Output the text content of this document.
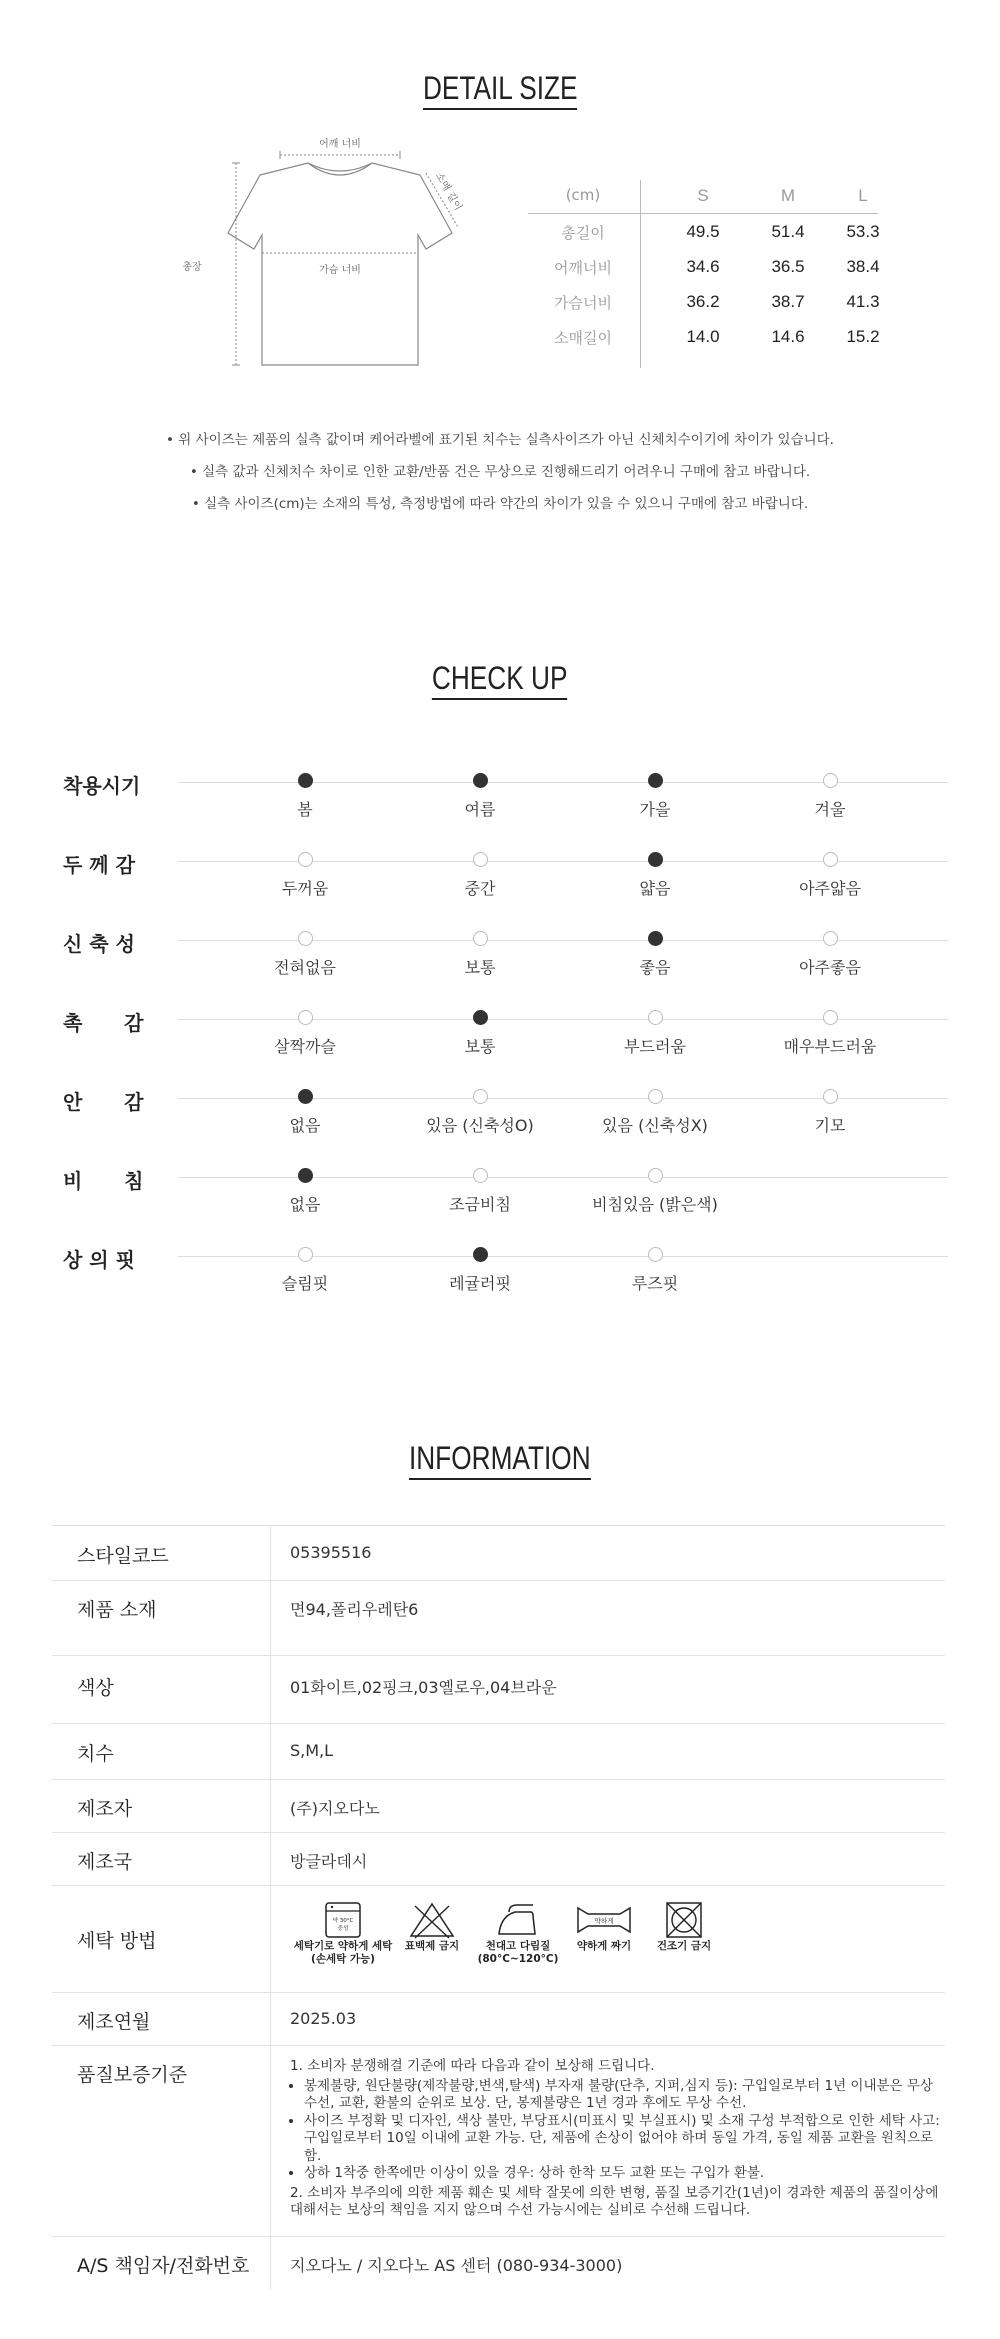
DETAIL SIZE
어깨 너비
소매 길이
총장	가슴 너비
(cm)	S	M	L
총길이	49.5	51.4	53.3
어깨너비	34.6	36.5	38.4
가슴너비	36.2	38.7	41.3
소매길이	14.0	14.6	15.2
• 위 사이즈는 제품의 실측 값이며 케어라벨에 표기된 치수는 실측사이즈가 아닌 신체치수이기에 차이가 있습니다.
• 실측 값과 신체치수 차이로 인한 교환/반품 건은 무상으로 진행해드리기 어려우니 구매에 참고 바랍니다.
• 실측 사이즈(cm)는 소재의 특성, 측정방법에 따라 약간의 차이가 있을 수 있으니 구매에 참고 바랍니다.
CHECK UP
착용시기
봄	여름	가을	겨울
두 께 감
두꺼움	중간	얇음	아주얇음
신 축 성
전혀없음	보통	좋음	아주좋음
촉      감
살짝까슬	보통	부드러움	매우부드러움
안      감
없음	있음 (신축성O)	있음 (신축성X)	기모
비      침
없음	조금비침	비침있음 (밝은색)
상 의 핏
슬림핏	레귤러핏	루즈핏
INFORMATION
스타일코드	05395516
제품 소재	면94,폴리우레탄6
색상	01화이트,02핑크,03옐로우,04브라운
치수	S,M,L
제조자	(주)지오다노
제조국	방글라데시
세탁 방법
약 30°C
중성
세탁기로 약하게 세탁
(손세탁 가능)
표백제 금지	천대고 다림질
(80°C~120°C)
약하게
약하게 짜기	건조기 금지
제조연월	2025.03
품질보증기준	1. 소비자 분쟁해결 기준에 따라 다음과 같이 보상해 드립니다.

• 봉제불량, 원단불량(제작불량,변색,탈색) 부자재 불량(단추, 지퍼,심지 등): 구입일로부터 1년 이내분은 무상수선, 교환, 환불의 순위로 보상. 단, 봉제불량은 1년 경과 후에도 무상 수선.
• 사이즈 부정확 및 디자인, 색상 불만, 부당표시(미표시 및 부실표시) 및 소재 구성 부적합으로 인한 세탁 사고: 구입일로부터 10일 이내에 교환 가능. 단, 제품에 손상이 없어야 하며 동일 가격, 동일 제품 교환을 원칙으로 함.
• 상하 1착중 한쪽에만 이상이 있을 경우: 상하 한착 모두 교환 또는 구입가 환불.

2. 소비자 부주의에 의한 제품 훼손 및 세탁 잘못에 의한 변형, 품질 보증기간(1년)이 경과한 제품의 품질이상에 대해서는 보상의 책임을 지지 않으며 수선 가능시에는 실비로 수선해 드립니다.

A/S 책임자/전화번호	지오다노 / 지오다노 AS 센터 (080-934-3000)
